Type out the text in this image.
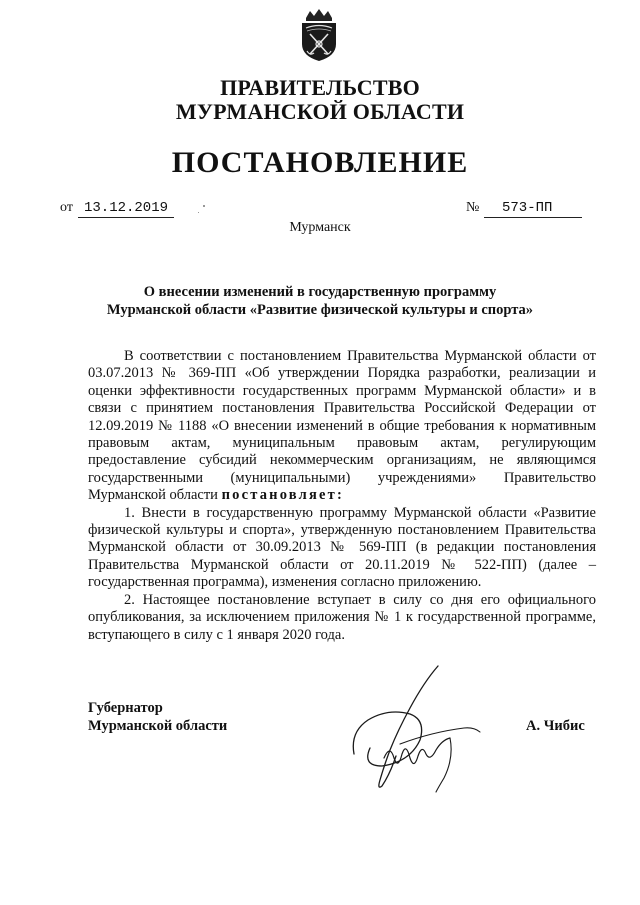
ПРАВИТЕЛЬСТВО
МУРМАНСКОЙ ОБЛАСТИ
ПОСТАНОВЛЕНИЕ
от 13.12.2019	№	573-ПП
Мурманск
О внесении изменений в государственную программу
Мурманской области «Развитие физической культуры и спорта»

В соответствии с постановлением Правительства Мурманской области от 03.07.2013 № 369-ПП «Об утверждении Порядка разработки, реализации и оценки эффективности государственных программ Мурманской области» и в связи с принятием постановления Правительства Российской Федерации от 12.09.2019 № 1188 «О внесении изменений в общие требования к нормативным правовым актам, муниципальным правовым актам, регулирующим предоставление субсидий некоммерческим организациям, не являющимся государственными (муниципальными) учреждениями» Правительство Мурманской области постановляет:

1. Внести в государственную программу Мурманской области «Развитие физической культуры и спорта», утвержденную постановлением Правительства Мурманской области от 30.09.2013 № 569-ПП (в редакции постановления Правительства Мурманской области от 20.11.2019 № 522-ПП) (далее – государственная программа), изменения согласно приложению.

2. Настоящее постановление вступает в силу со дня его официального опубликования, за исключением приложения № 1 к государственной программе, вступающего в силу с 1 января 2020 года.

Губернатор
Мурманской области	А. Чибис
